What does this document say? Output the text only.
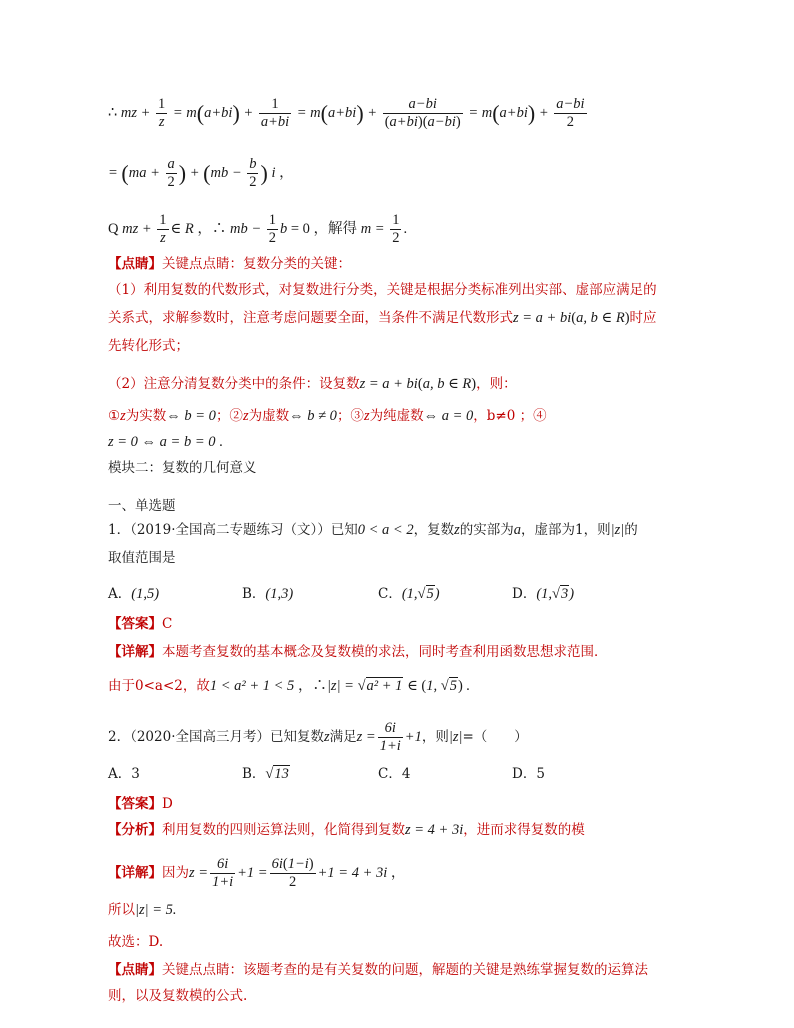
∴ mz + $\frac{1}{z} = m(a+bi) + \frac{1}{a+bi} = m(a+bi) + \frac{a-bi}{(a+bi)(a-bi)} = m(a+bi) + \frac{a-bi}{2}$
= ($ma + \frac{a}{2}$ ) + ($mb - \frac{b}{2}$ ) i ，
Q mz + $\frac{1}{z}$ ∈ R ，∴ mb − $\frac{1}{2}$ b = 0 ，解得 $m = \frac{1}{2}$ .
【点睛】关键点点睛：复数分类的关键：
（1）利用复数的代数形式，对复数进行分类，关键是根据分类标准列出实部、虚部应满足的
关系式，求解参数时，注意考虑问题要全面，当条件不满足代数形式z = a + bi(a, b ∈ R)时应
先转化形式；
（2）注意分清复数分类中的条件：设复数z = a + bi(a, b ∈ R)，则：
①z为实数⇔ b = 0；②z为虚数⇔ b ≠ 0；③z为纯虚数⇔ a = 0，b≠0 ；④
z = 0 ⇔ a = b = 0 .
模块二：复数的几何意义
一、单选题
1．（2019·全国高二专题练习（文））已知0 < a < 2，复数z的实部为a，虚部为1，则|z|的
取值范围是
A．(1,5)	B．(1,3)	C．(1,√5)	D．(1,√3)
【答案】C
【详解】本题考查复数的基本概念及复数模的求法，同时考查利用函数思想求范围．
由于0<a<2，故1 < a² + 1 < 5 ，∴|z| = √a² + 1 ∈ (1, √5) .
2．（2020·全国高三月考）已知复数z满足$z = \frac{6i}{1+i} +1$，则|z|=（　　）
A．3	B．√13	C．4	D．5
【答案】D
【分析】利用复数的四则运算法则，化简得到复数z = 4 + 3i，进而求得复数的模
【详解】因为$z = \frac{6i}{1+i} +1 = \frac{6i(1-i)}{2} +1 = 4 + 3i$ ，
所以|z| = 5.
故选：D.
【点睛】关键点点睛：该题考查的是有关复数的问题，解题的关键是熟练掌握复数的运算法
则，以及复数模的公式.
